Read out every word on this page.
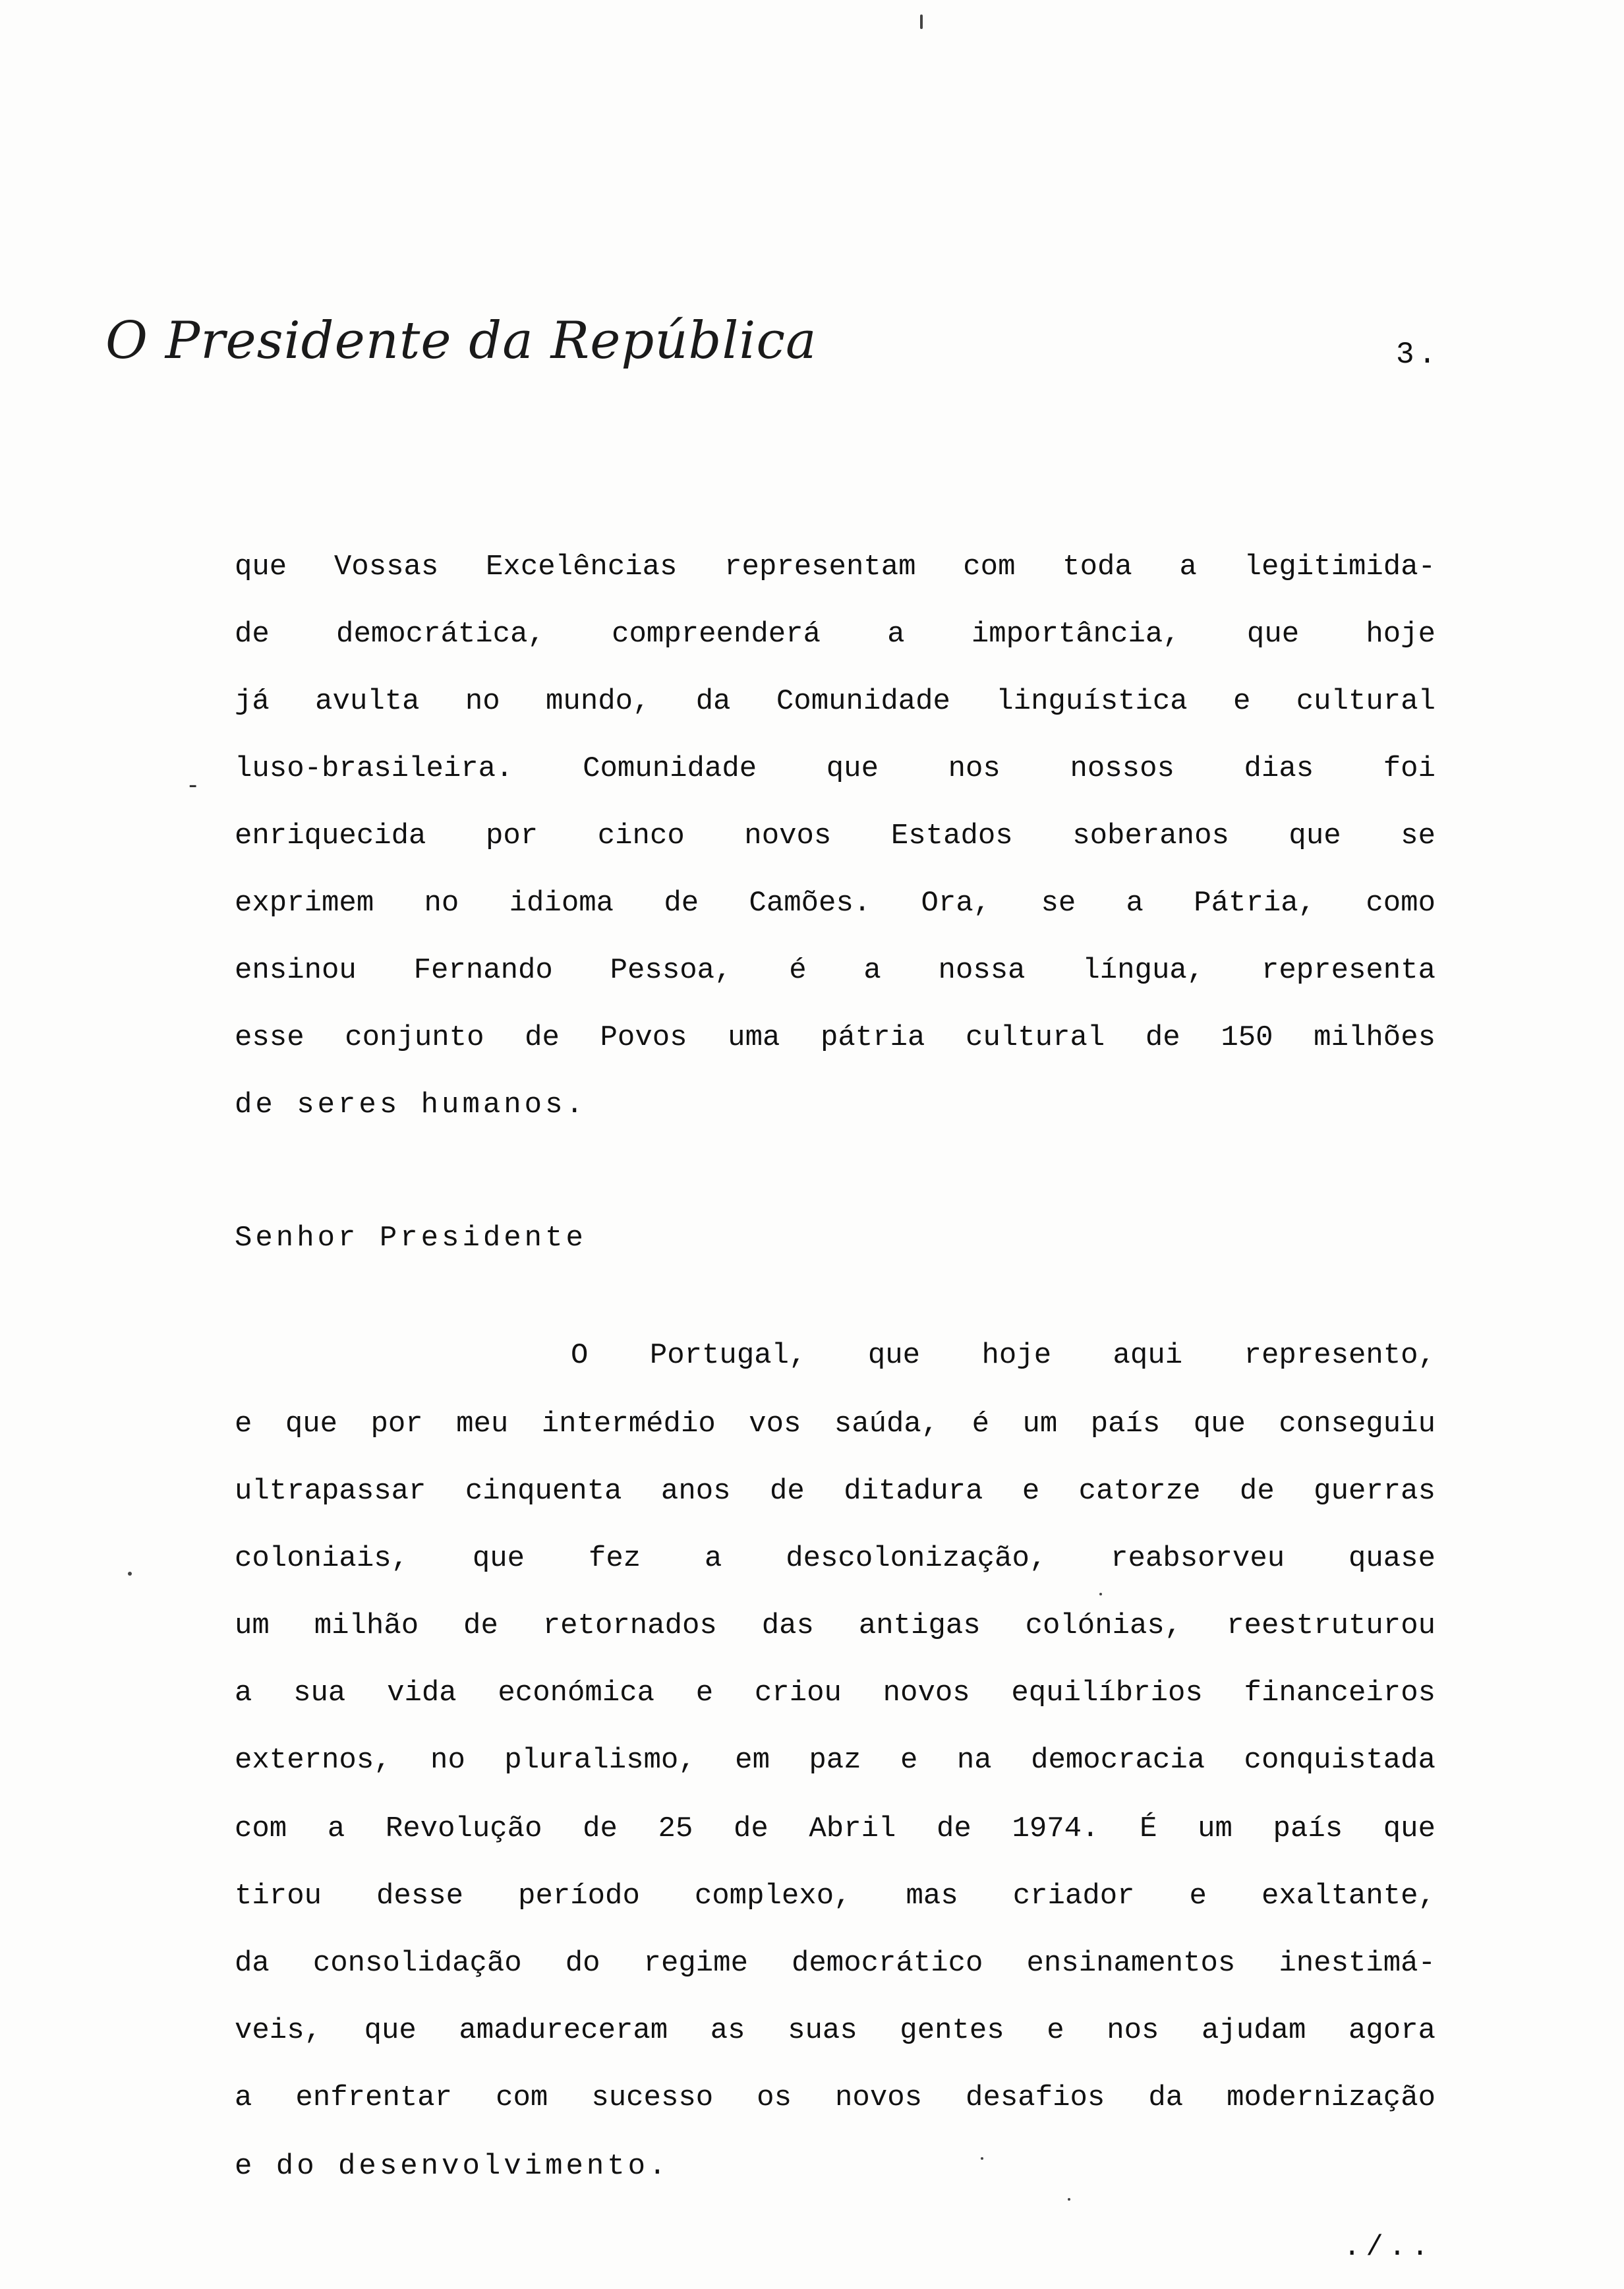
O Presidente da República	3.
-
que Vossas Excelências representam com toda a legitimida-
de democrática, compreenderá a importância, que hoje
já avulta no mundo, da Comunidade linguística e cultural
luso-brasileira. Comunidade que nos nossos dias foi
enriquecida por cinco novos Estados soberanos que se
exprimem no idioma de Camões. Ora, se a Pátria, como
ensinou Fernando Pessoa, é a nossa língua, representa
esse conjunto de Povos uma pátria cultural de 150 milhões
de seres humanos.
Senhor Presidente
O Portugal, que hoje aqui represento,
e que por meu intermédio vos saúda, é um país que conseguiu
ultrapassar cinquenta anos de ditadura e catorze de guerras
coloniais, que fez a descolonização, reabsorveu quase
um milhão de retornados das antigas colónias, reestruturou
a sua vida económica e criou novos equilíbrios financeiros
externos, no pluralismo, em paz e na democracia conquistada
com a Revolução de 25 de Abril de 1974. É um país que
tirou desse período complexo, mas criador e exaltante,
da consolidação do regime democrático ensinamentos inestimá-
veis, que amadureceram as suas gentes e nos ajudam agora
a enfrentar com sucesso os novos desafios da modernização
e do desenvolvimento.
./..
